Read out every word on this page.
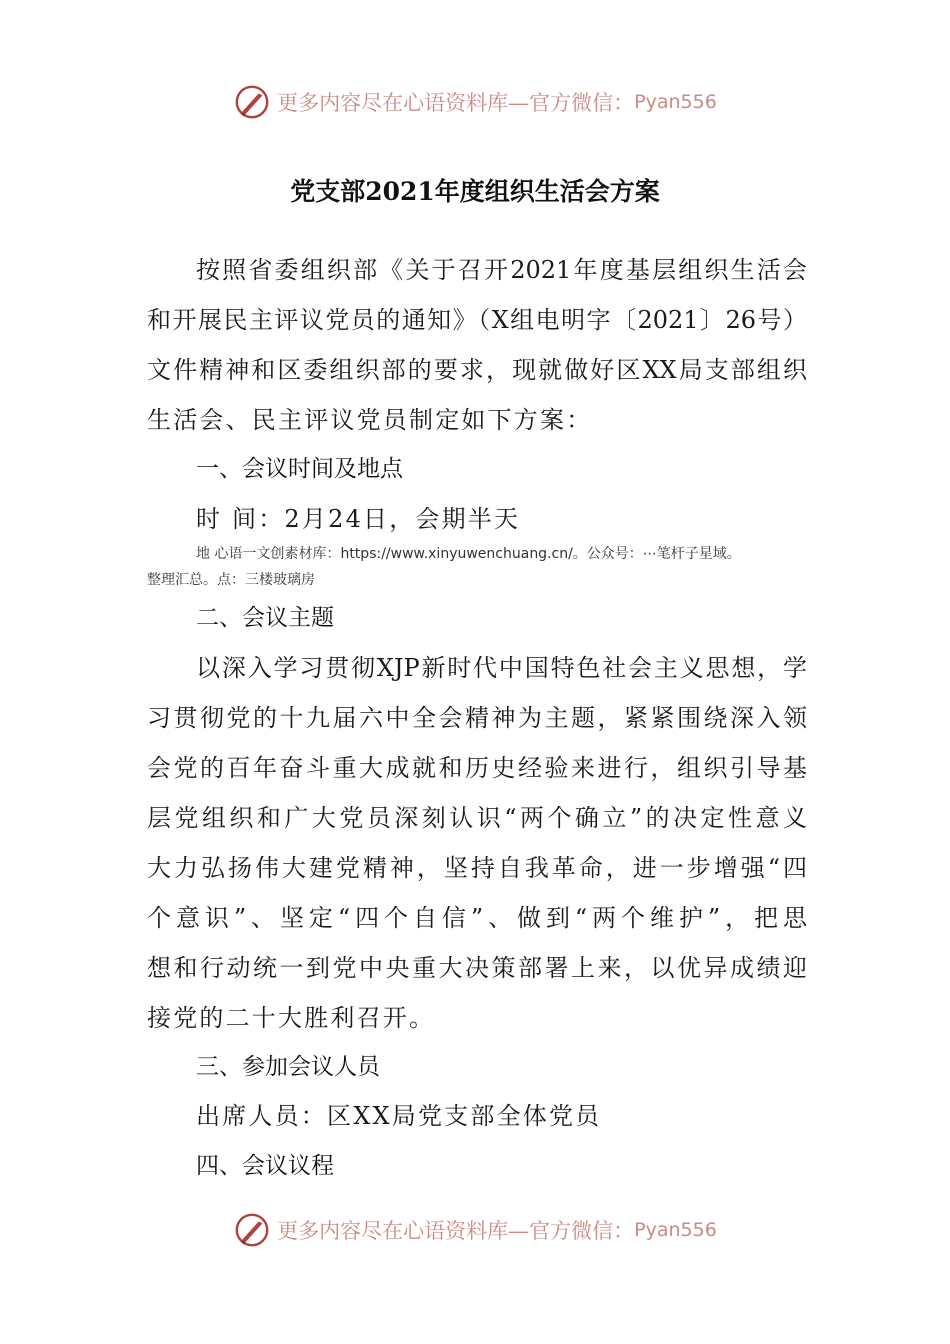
更多内容尽在心语资料库—官方微信： Pyan556
党支部2021年度组织生活会方案
按照省委组织部《关于召开2021年度基层组织生活会
和开展民主评议党员的通知》（X组电明字〔2021〕26号）
文件精神和区委组织部的要求，现就做好区XX局支部组织
生活会、民主评议党员制定如下方案：
一、会议时间及地点
时 间：2月24日，会期半天
地 心语一文创素材库：https://www.xinyuwenchuang.cn/。公众号：⋯笔杆子星域。
整理汇总。点：三楼玻璃房
二、会议主题
以深入学习贯彻XJP新时代中国特色社会主义思想，学
习贯彻党的十九届六中全会精神为主题，紧紧围绕深入领
会党的百年奋斗重大成就和历史经验来进行，组织引导基
层党组织和广大党员深刻认识“两个确立”的决定性意义
大力弘扬伟大建党精神，坚持自我革命，进一步增强“四
个意识”、坚定“四个自信”、做到“两个维护”，把思
想和行动统一到党中央重大决策部署上来，以优异成绩迎
接党的二十大胜利召开。
三、参加会议人员
出席人员：区XX局党支部全体党员
四、会议议程
更多内容尽在心语资料库—官方微信： Pyan556
